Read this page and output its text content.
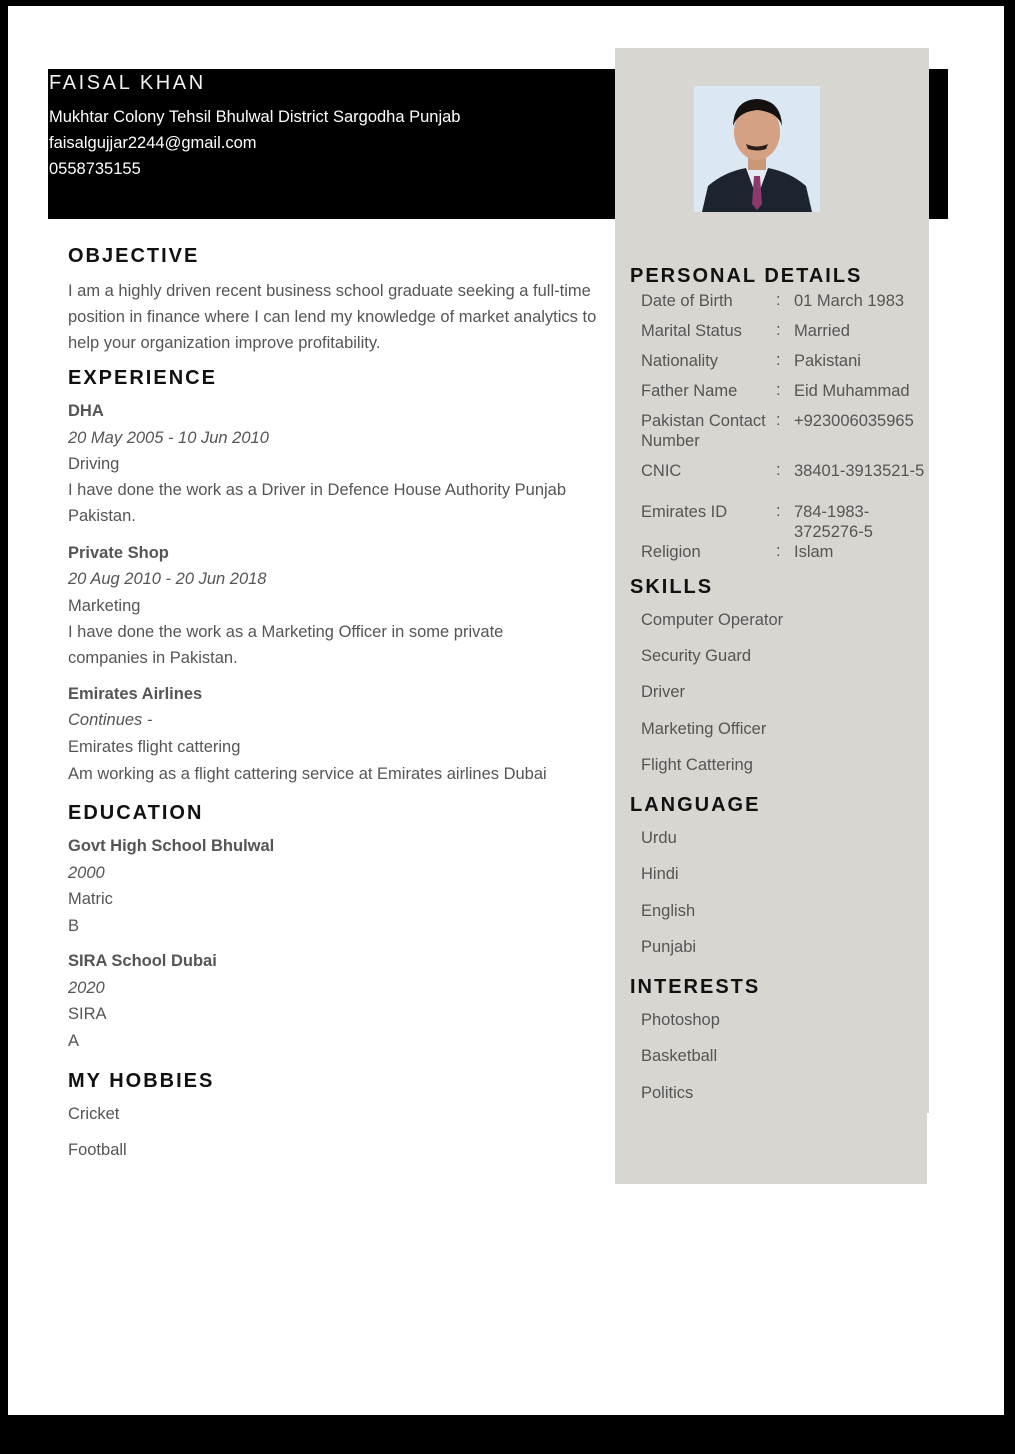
FAISAL KHAN
Mukhtar Colony Tehsil Bhulwal District Sargodha Punjab
faisalgujjar2244@gmail.com
0558735155
OBJECTIVE
I am a highly driven recent business school graduate seeking a full-time position in finance where I can lend my knowledge of market analytics to help your organization improve profitability.
EXPERIENCE
DHA
20 May 2005 - 10 Jun 2010
Driving
I have done the work as a Driver in Defence House Authority Punjab Pakistan.
Private Shop
20 Aug 2010 - 20 Jun 2018
Marketing
I have done the work as a Marketing Officer in some private companies in Pakistan.
Emirates Airlines
Continues -
Emirates flight cattering
Am working as a flight cattering service at Emirates airlines Dubai
EDUCATION
Govt High School Bhulwal
2000
Matric
B
SIRA School Dubai
2020
SIRA
A
MY HOBBIES
Cricket
Football
PERSONAL DETAILS
Date of Birth	: 01 March 1983
Marital Status	: Married
Nationality	: Pakistani
Father Name	: Eid Muhammad
Pakistan Contact Number
: +923006035965
CNIC	: 38401-3913521-5
Emirates ID	: 784-1983-3725276-5
Religion	: Islam
SKILLS
Computer Operator
Security Guard
Driver
Marketing Officer
Flight Cattering
LANGUAGE
Urdu
Hindi
English
Punjabi
INTERESTS
Photoshop
Basketball
Politics
